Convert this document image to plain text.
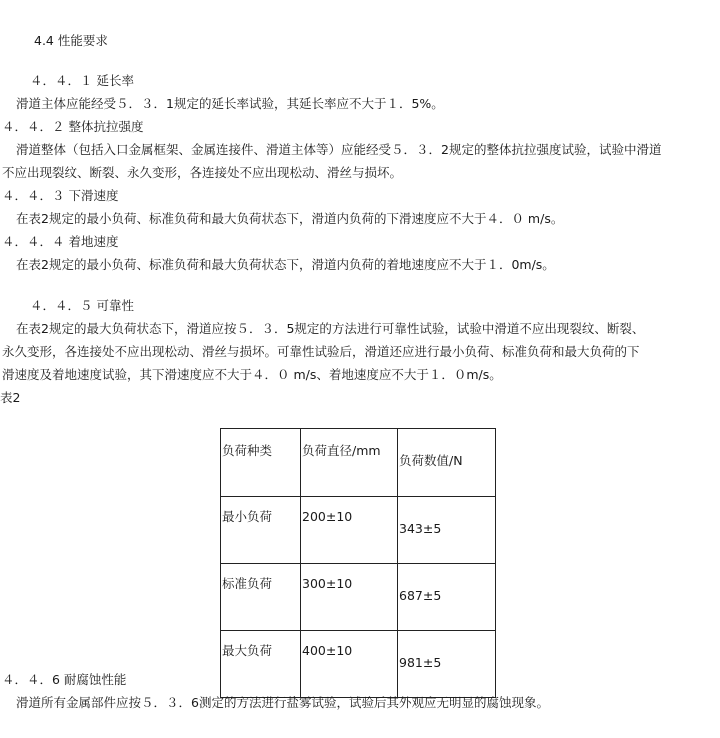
4.4 性能要求
４．４．１ 延长率
滑道主体应能经受５．３．1规定的延长率试验，其延长率应不大于１．5%。
４．４．２ 整体抗拉强度
滑道整体（包括入口金属框架、金属连接件、滑道主体等）应能经受５．３．2规定的整体抗拉强度试验，试验中滑道
不应出现裂纹、断裂、永久变形，各连接处不应出现松动、滑丝与损坏。
４．４．３ 下滑速度
在表2规定的最小负荷、标准负荷和最大负荷状态下，滑道内负荷的下滑速度应不大于４．０ m/s。
４．４．４ 着地速度
在表2规定的最小负荷、标准负荷和最大负荷状态下，滑道内负荷的着地速度应不大于１．0m/s。
４．４．５ 可靠性
在表2规定的最大负荷状态下，滑道应按５．３．5规定的方法进行可靠性试验，试验中滑道不应出现裂纹、断裂、
永久变形，各连接处不应出现松动、滑丝与损坏。可靠性试验后，滑道还应进行最小负荷、标准负荷和最大负荷的下
滑速度及着地速度试验，其下滑速度应不大于４．０ m/s、着地速度应不大于１．０m/s。
表2
负荷种类	负荷直径/mm	负荷数值/N
最小负荷	200±10	343±5
标准负荷	300±10	687±5
最大负荷	400±10	981±5
４．４．6 耐腐蚀性能
滑道所有金属部件应按５．３．6测定的方法进行盐雾试验，试验后其外观应无明显的腐蚀现象。
